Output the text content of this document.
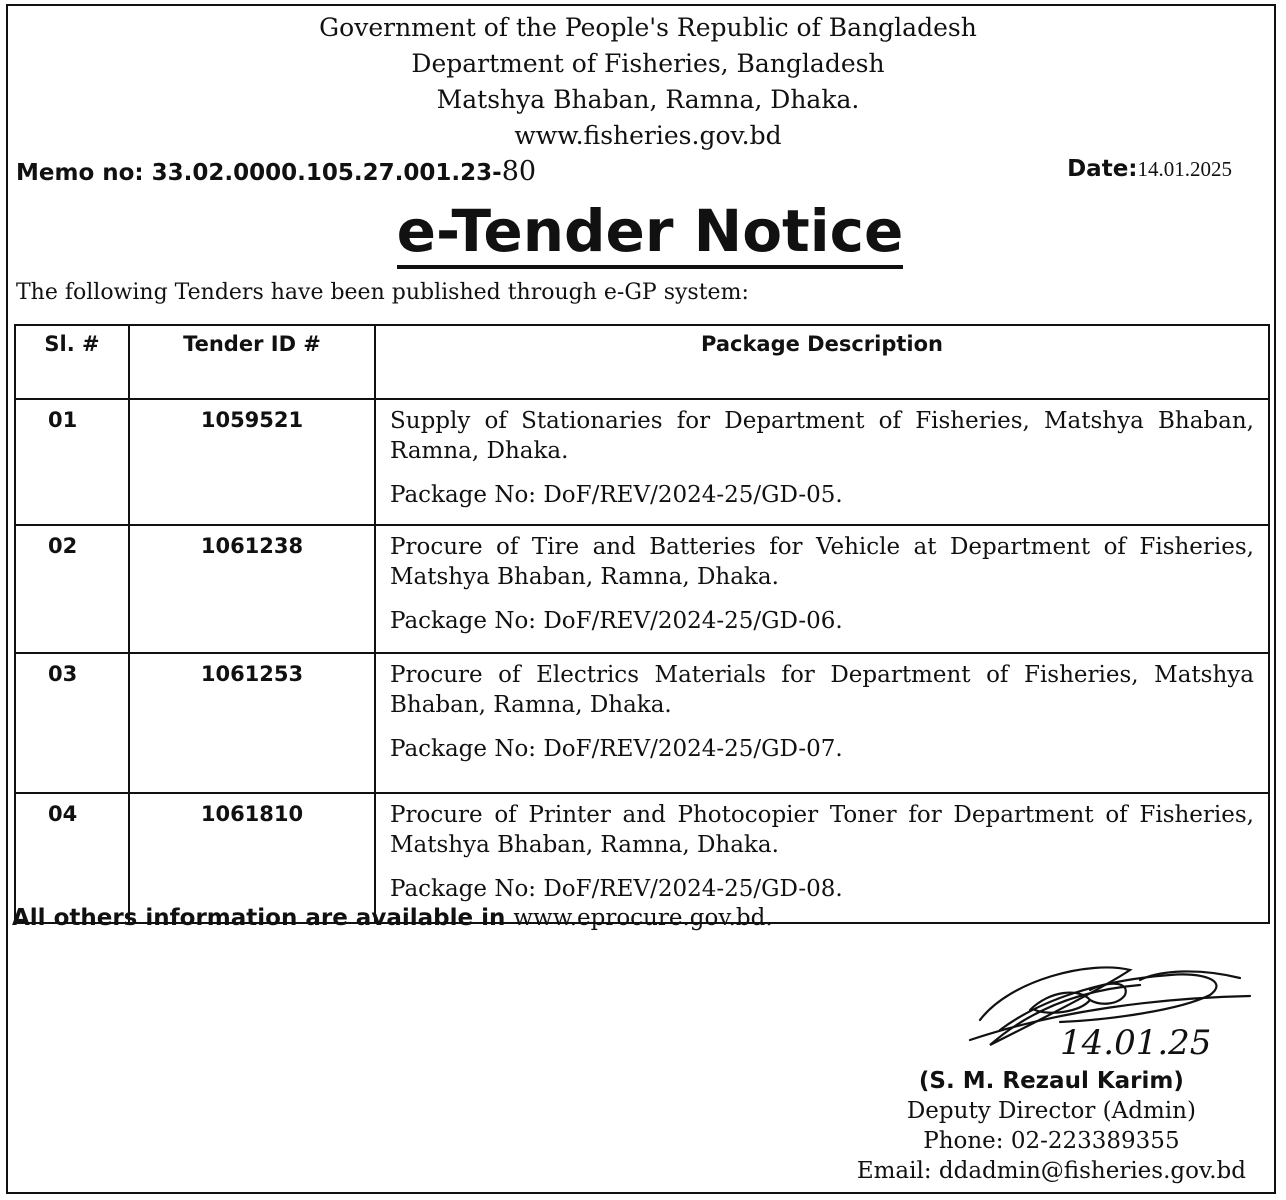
Government of the People's Republic of Bangladesh
Department of Fisheries, Bangladesh
Matshya Bhaban, Ramna, Dhaka.
www.fisheries.gov.bd
Memo no: 33.02.0000.105.27.001.23-80	Date:14.01.2025
e-Tender Notice
The following Tenders have been published through e-GP system:
Sl. #	Tender ID #	Package Description
01	1059521	Supply of Stationaries for Department of Fisheries, Matshya Bhaban, Ramna, Dhaka.

Package No: DoF/REV/2024-25/GD-05.

02	1061238	Procure of Tire and Batteries for Vehicle at Department of Fisheries, Matshya Bhaban, Ramna, Dhaka.

Package No: DoF/REV/2024-25/GD-06.

03	1061253	Procure of Electrics Materials for Department of Fisheries, Matshya Bhaban, Ramna, Dhaka.

Package No: DoF/REV/2024-25/GD-07.

04	1061810	Procure of Printer and Photocopier Toner for Department of Fisheries, Matshya Bhaban, Ramna, Dhaka.

Package No: DoF/REV/2024-25/GD-08.

All others information are available in www.eprocure.gov.bd.
14.01.25
(S. M. Rezaul Karim)
Deputy Director (Admin)
Phone: 02-223389355
Email: ddadmin@fisheries.gov.bd
